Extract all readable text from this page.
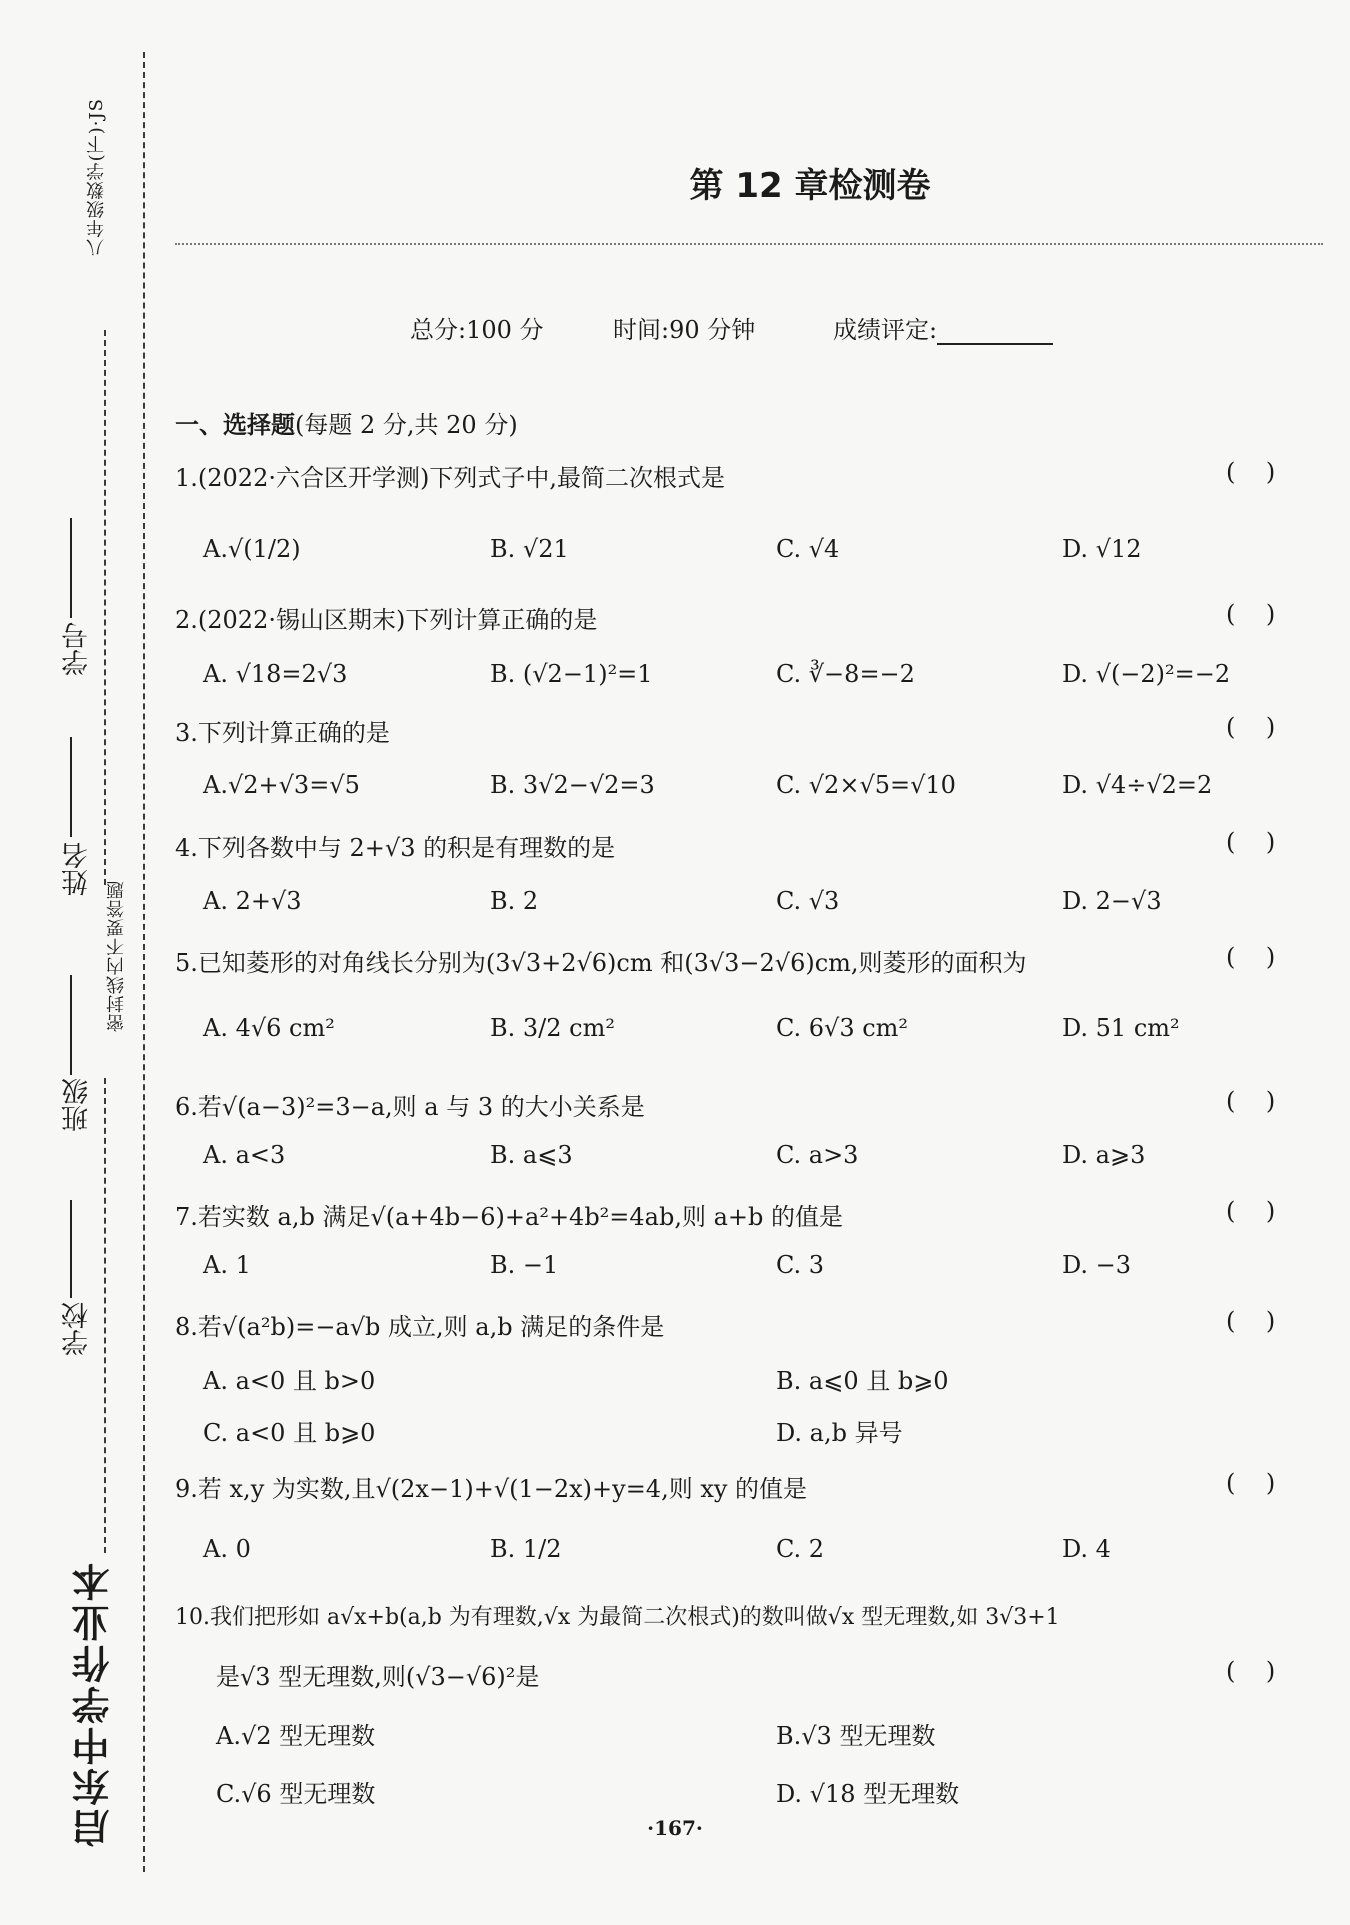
八年级数学(下)·JS
密封线内不要答题
学号
姓名
班级
学校
启东中学作业本
第 12 章检测卷
总分:100 分	时间:90 分钟	成绩评定:
一、选择题(每题 2 分,共 20 分)
1.(2022·六合区开学测)下列式子中,最简二次根式是	(    )
A.√(1/2)	B. √21	C. √4	D. √12
2.(2022·锡山区期末)下列计算正确的是	(    )
A. √18=2√3	B. (√2−1)²=1	C. ∛−8=−2	D. √(−2)²=−2
3.下列计算正确的是	(    )
A.√2+√3=√5	B. 3√2−√2=3	C. √2×√5=√10	D. √4÷√2=2
4.下列各数中与 2+√3 的积是有理数的是	(    )
A. 2+√3	B. 2	C. √3	D. 2−√3
5.已知菱形的对角线长分别为(3√3+2√6)cm 和(3√3−2√6)cm,则菱形的面积为	(    )
A. 4√6 cm²	B. 3/2 cm²	C. 6√3 cm²	D. 51 cm²
6.若√(a−3)²=3−a,则 a 与 3 的大小关系是	(    )
A. a<3	B. a⩽3	C. a>3	D. a⩾3
7.若实数 a,b 满足√(a+4b−6)+a²+4b²=4ab,则 a+b 的值是	(    )
A. 1	B. −1	C. 3	D. −3
8.若√(a²b)=−a√b 成立,则 a,b 满足的条件是	(    )
A. a<0 且 b>0	B. a⩽0 且 b⩾0
C. a<0 且 b⩾0	D. a,b 异号
9.若 x,y 为实数,且√(2x−1)+√(1−2x)+y=4,则 xy 的值是	(    )
A. 0	B. 1/2	C. 2	D. 4
10.我们把形如 a√x+b(a,b 为有理数,√x 为最简二次根式)的数叫做√x 型无理数,如 3√3+1
是√3 型无理数,则(√3−√6)²是	(    )
A.√2 型无理数	B.√3 型无理数
C.√6 型无理数	D. √18 型无理数
·167·
